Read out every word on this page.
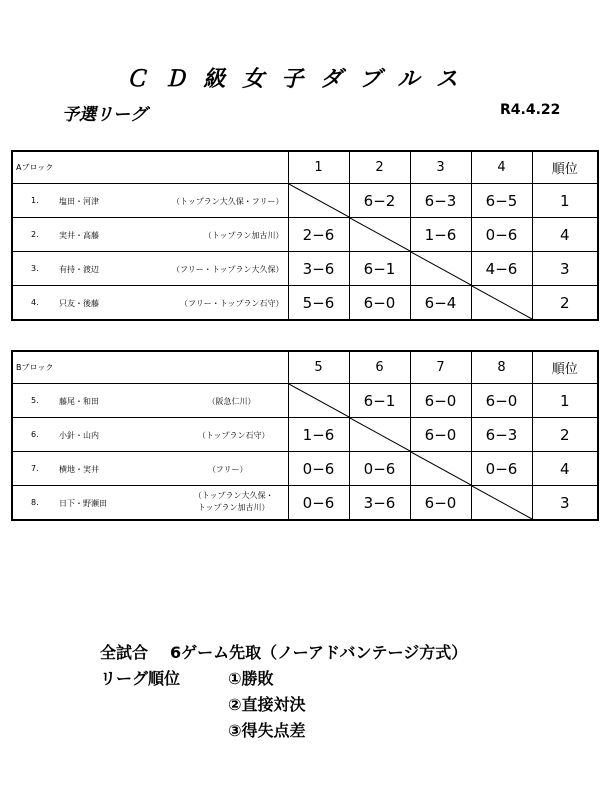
ＣＤ級女子ダブルス
予選リーグ	R4.4.22
Aブロック	1	2	3	4	順位

1. 塩田・河津 （トップラン大久保・フリー）		6−2	6−3	6−5	1

2. 実井・高藤 （トップラン加古川）	2−6		1−6	0−6	4

3. 有持・渡辺 （フリー・トップラン大久保）	3−6	6−1		4−6	3

4. 只友・後藤 （フリー・トップラン石守）	5−6	6−0	6−4		2
Bブロック	5	6	7	8	順位

5. 藤尾・和田 （阪急仁川）		6−1	6−0	6−0	1

6. 小針・山内 （トップラン石守）	1−6		6−0	6−3	2

7. 横地・実井 （フリー）	0−6	0−6		0−6	4

8. 日下・野瀬田
（トップラン大久保・
トップラン加古川）	0−6	3−6	6−0		3
全試合 6ゲーム先取（ノーアドバンテージ方式）
リーグ順位	①勝敗
②直接対決
③得失点差
